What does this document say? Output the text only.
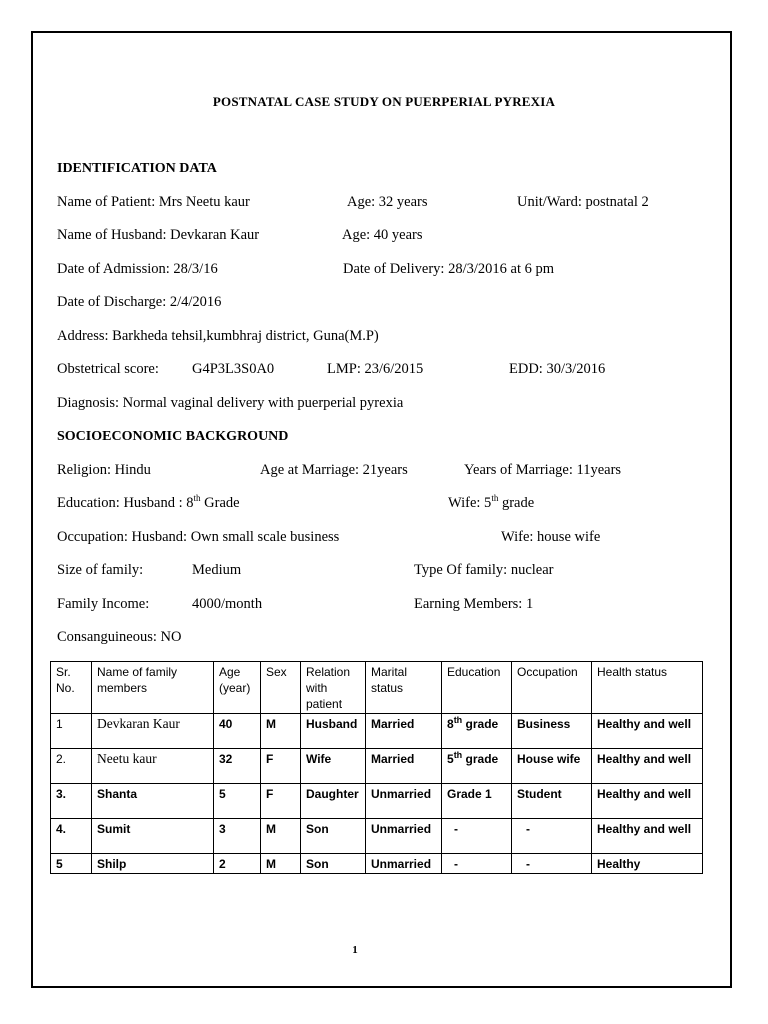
POSTNATAL CASE STUDY ON PUERPERIAL PYREXIA
IDENTIFICATION DATA
Name of Patient: Mrs Neetu kaur	Age: 32 years	Unit/Ward: postnatal 2
Name of Husband: Devkaran Kaur	Age: 40 years
Date of Admission: 28/3/16	Date of Delivery: 28/3/2016 at 6 pm
Date of Discharge: 2/4/2016
Address: Barkheda tehsil,kumbhraj district, Guna(M.P)
Obstetrical score: G4P3L3S0A0	LMP: 23/6/2015	EDD: 30/3/2016
Diagnosis: Normal vaginal delivery with puerperial pyrexia
SOCIOECONOMIC BACKGROUND
Religion: Hindu	Age at Marriage: 21years	Years of Marriage: 11years
Education: Husband : 8th Grade	Wife: 5th grade
Occupation: Husband: Own small scale business	Wife: house wife
Size of family:	Medium	Type Of family: nuclear
Family Income:	4000/month	Earning Members: 1
Consanguineous: NO
Sr. No.	Name of family members	Age (year)	Sex	Relation with patient	Marital status	Education	Occupation	Health status
1	Devkaran Kaur	40	M	Husband	Married	8th grade	Business	Healthy and well
2.	Neetu kaur	32	F	Wife	Married	5th grade	House wife	Healthy and well
3.	Shanta	5	F	Daughter	Unmarried	Grade 1	Student	Healthy and well
4.	Sumit	3	M	Son	Unmarried	-	-	Healthy and well
5	Shilp	2	M	Son	Unmarried	-	-	Healthy
1
